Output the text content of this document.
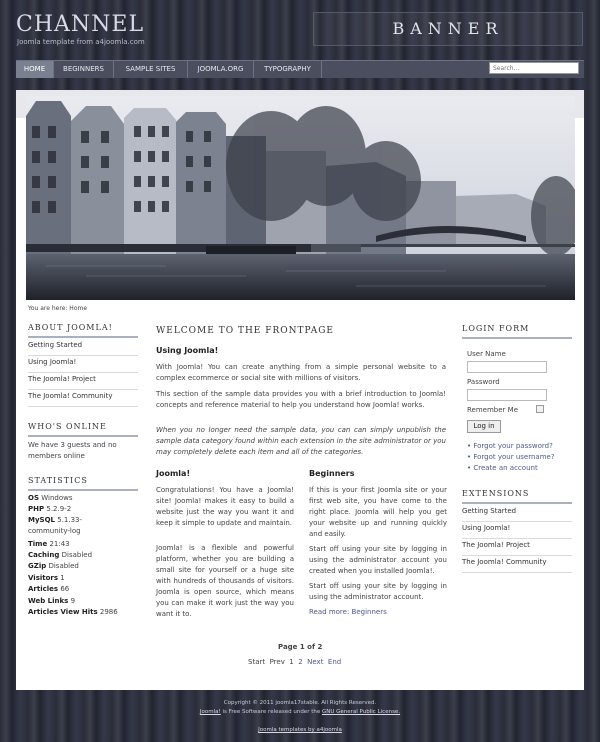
CHANNEL
Joomla template from a4joomla.com
BANNER
HOME	BEGINNERS	SAMPLE SITES	JOOMLA.ORG	TYPOGRAPHY
Search...
You are here: Home
ABOUT JOOMLA!
Getting Started
Using Joomla!
The Joomla! Project
The Joomla! Community
WHO'S ONLINE
We have 3 guests and no members online
STATISTICS
OS Windows
PHP 5.2.9-2
MySQL 5.1.33-
community-log
Time 21:43
Caching Disabled
GZip Disabled
Visitors 1
Articles 66
Web Links 9
Articles View Hits 2986
WELCOME TO THE FRONTPAGE
Using Joomla!
With Joomla! You can create anything from a simple personal website to a complex ecommerce or social site with millions of visitors.
This section of the sample data provides you with a brief introduction to Joomla! concepts and reference material to help you understand how Joomla! works.
When you no longer need the sample data, you can can simply unpublish the sample data category found within each extension in the site administrator or you may completely delete each item and all of the categories.
Joomla!
Congratulations! You have a Joomla! site! Joomla! makes it easy to build a website just the way you want it and keep it simple to update and maintain.
Joomla! is a flexible and powerful platform, whether you are building a small site for yourself or a huge site with hundreds of thousands of visitors. Joomla is open source, which means you can make it work just the way you want it to.
Beginners
If this is your first Joomla site or your first web site, you have come to the right place. Joomla will help you get your website up and running quickly and easily.
Start off using your site by logging in using the administrator account you created when you installed Joomla!.
Start off using your site by logging in using the administrator account.
Read more: Beginners
Page 1 of 2
Start Prev 1 2 Next End
LOGIN FORM
User Name
Password
Remember Me
Log in
• Forgot your password?
• Forgot your username?
• Create an account
EXTENSIONS
Getting Started
Using Joomla!
The Joomla! Project
The Joomla! Community
Copyright © 2011 joomla17stable. All Rights Reserved.
Joomla! is Free Software released under the GNU General Public License.
Joomla templates by a4joomla
